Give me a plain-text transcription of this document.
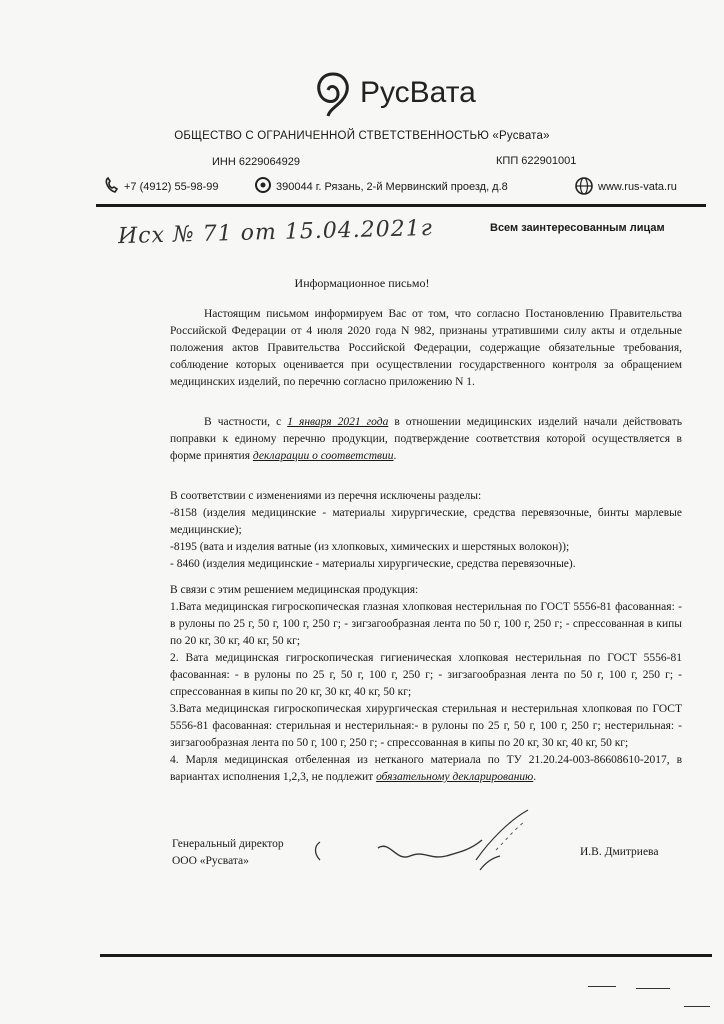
РусВата
ОБЩЕСТВО С ОГРАНИЧЕННОЙ СТВЕТСТВЕННОСТЬЮ «Русвата»
ИНН 6229064929	КПП 622901001
+7 (4912) 55-98-99	390044 г. Рязань, 2-й Мервинский проезд, д.8	www.rus-vata.ru
Исх № 71 от 15.04.2021г	Всем заинтересованным лицам
Информационное письмо!

Настоящим письмом информируем Вас от том, что согласно Постановлению Правительства Российской Федерации от 4 июля 2020 года N 982, признаны утратившими силу акты и отдельные положения актов Правительства Российской Федерации, содержащие обязательные требования, соблюдение которых оценивается при осуществлении государственного контроля за обращением медицинских изделий, по перечню согласно приложению N 1.

В частности, с 1 января 2021 года в отношении медицинских изделий начали действовать поправки к единому перечню продукции, подтверждение соответствия которой осуществляется в форме принятия декларации о соответствии.

В соответствии с изменениями из перечня исключены разделы:

-8158 (изделия медицинские - материалы хирургические, средства перевязочные, бинты марлевые медицинские);

-8195 (вата и изделия ватные (из хлопковых, химических и шерстяных волокон));

- 8460 (изделия медицинские - материалы хирургические, средства перевязочные).

В связи с этим решением медицинская продукция:

1.Вата медицинская гигроскопическая глазная хлопковая нестерильная по ГОСТ 5556-81 фасованная: - в рулоны по 25 г, 50 г, 100 г, 250 г; - зигзагообразная лента по 50 г, 100 г, 250 г; - спрессованная в кипы по 20 кг, 30 кг, 40 кг, 50 кг;

2. Вата медицинская гигроскопическая гигиеническая хлопковая нестерильная по ГОСТ 5556-81 фасованная: - в рулоны по 25 г, 50 г, 100 г, 250 г; - зигзагообразная лента по 50 г, 100 г, 250 г; - спрессованная в кипы по 20 кг, 30 кг, 40 кг, 50 кг;

3.Вата медицинская гигроскопическая хирургическая стерильная и нестерильная хлопковая по ГОСТ 5556-81 фасованная: стерильная и нестерильная:- в рулоны по 25 г, 50 г, 100 г, 250 г; нестерильная: - зигзагообразная лента по 50 г, 100 г, 250 г; - спрессованная в кипы по 20 кг, 30 кг, 40 кг, 50 кг;

4. Марля медицинская отбеленная из нетканого материала по ТУ 21.20.24-003-86608610-2017, в вариантах исполнения 1,2,3, не подлежит обязательному декларированию.

Генеральный директор
ООО «Русвата»
И.В. Дмитриева
